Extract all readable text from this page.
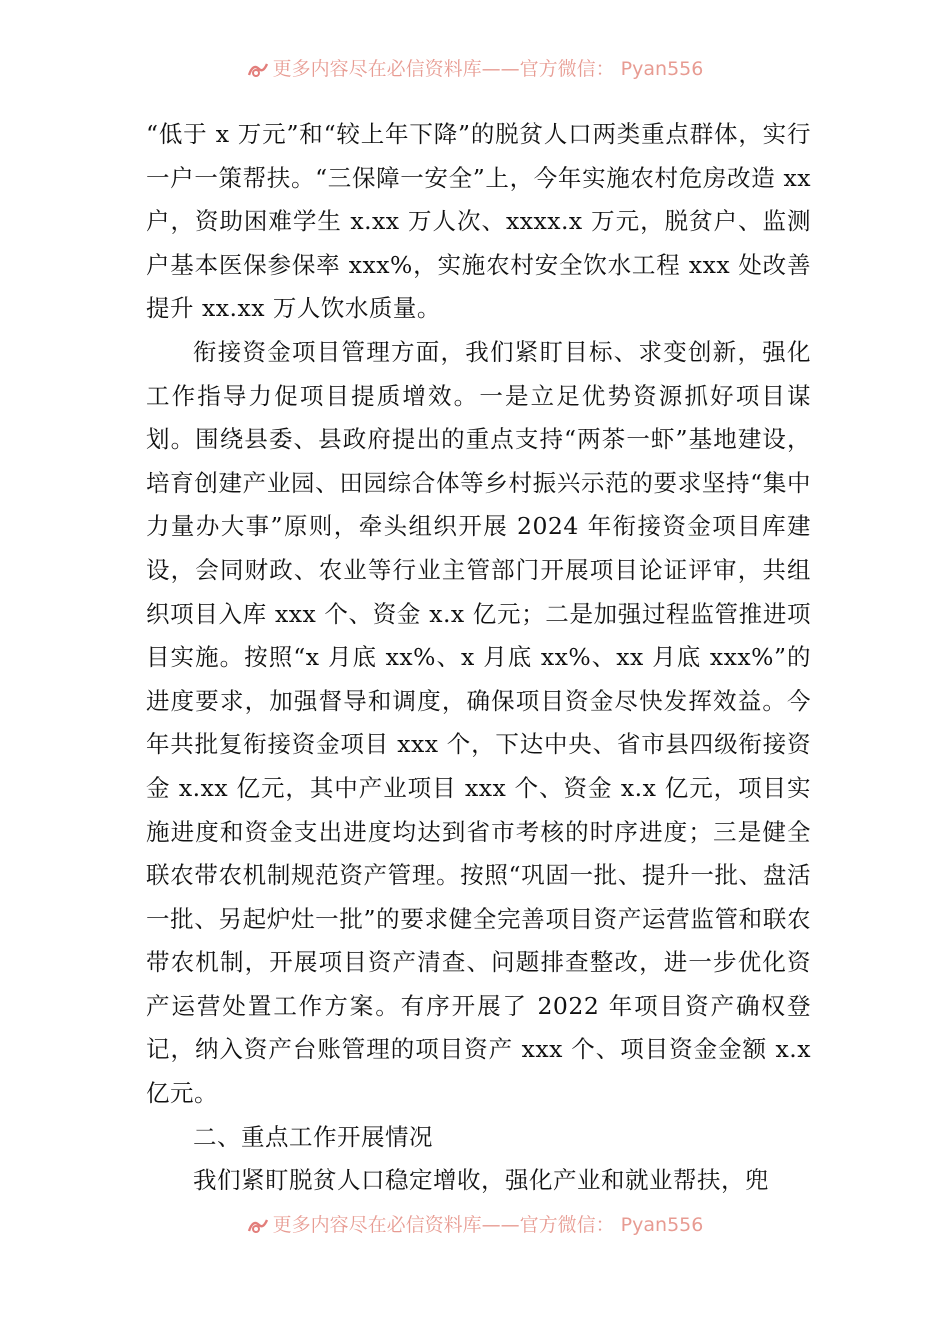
更多内容尽在必信资料库——官方微信： Pyan556

“低于 x 万元”和“较上年下降”的脱贫人口两类重点群体，实行一户一策帮扶。“三保障一安全”上，今年实施农村危房改造 xx 户，资助困难学生 x.xx 万人次、xxxx.x 万元，脱贫户、监测户基本医保参保率 xxx%，实施农村安全饮水工程 xxx 处改善提升 xx.xx 万人饮水质量。

衔接资金项目管理方面，我们紧盯目标、求变创新，强化工作指导力促项目提质增效。一是立足优势资源抓好项目谋划。围绕县委、县政府提出的重点支持“两茶一虾”基地建设，培育创建产业园、田园综合体等乡村振兴示范的要求坚持“集中力量办大事”原则，牵头组织开展 2024 年衔接资金项目库建设，会同财政、农业等行业主管部门开展项目论证评审，共组织项目入库 xxx 个、资金 x.x 亿元；二是加强过程监管推进项目实施。按照“x 月底 xx%、x 月底 xx%、xx 月底 xxx%”的进度要求，加强督导和调度，确保项目资金尽快发挥效益。今年共批复衔接资金项目 xxx 个，下达中央、省市县四级衔接资金 x.xx 亿元，其中产业项目 xxx 个、资金 x.x 亿元，项目实施进度和资金支出进度均达到省市考核的时序进度；三是健全联农带农机制规范资产管理。按照“巩固一批、提升一批、盘活一批、另起炉灶一批”的要求健全完善项目资产运营监管和联农带农机制，开展项目资产清查、问题排查整改，进一步优化资产运营处置工作方案。有序开展了 2022 年项目资产确权登记，纳入资产台账管理的项目资产 xxx 个、项目资金金额 x.x 亿元。

二、重点工作开展情况

我们紧盯脱贫人口稳定增收，强化产业和就业帮扶，兜

更多内容尽在必信资料库——官方微信： Pyan556
